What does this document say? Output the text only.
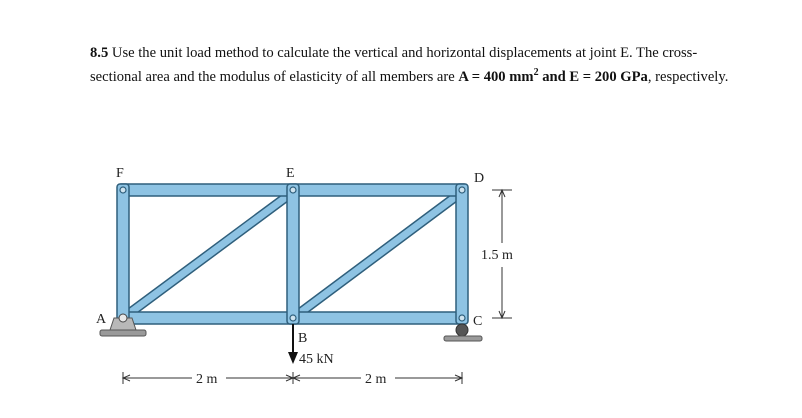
8.5 Use the unit load method to calculate the vertical and horizontal displacements at joint E. The cross-sectional area and the modulus of elasticity of all members are A = 400 $mm^2$ and E = 200 GPa, respectively.
F	E	D
A
B
C
45 kN
1.5 m
2 m	2 m
